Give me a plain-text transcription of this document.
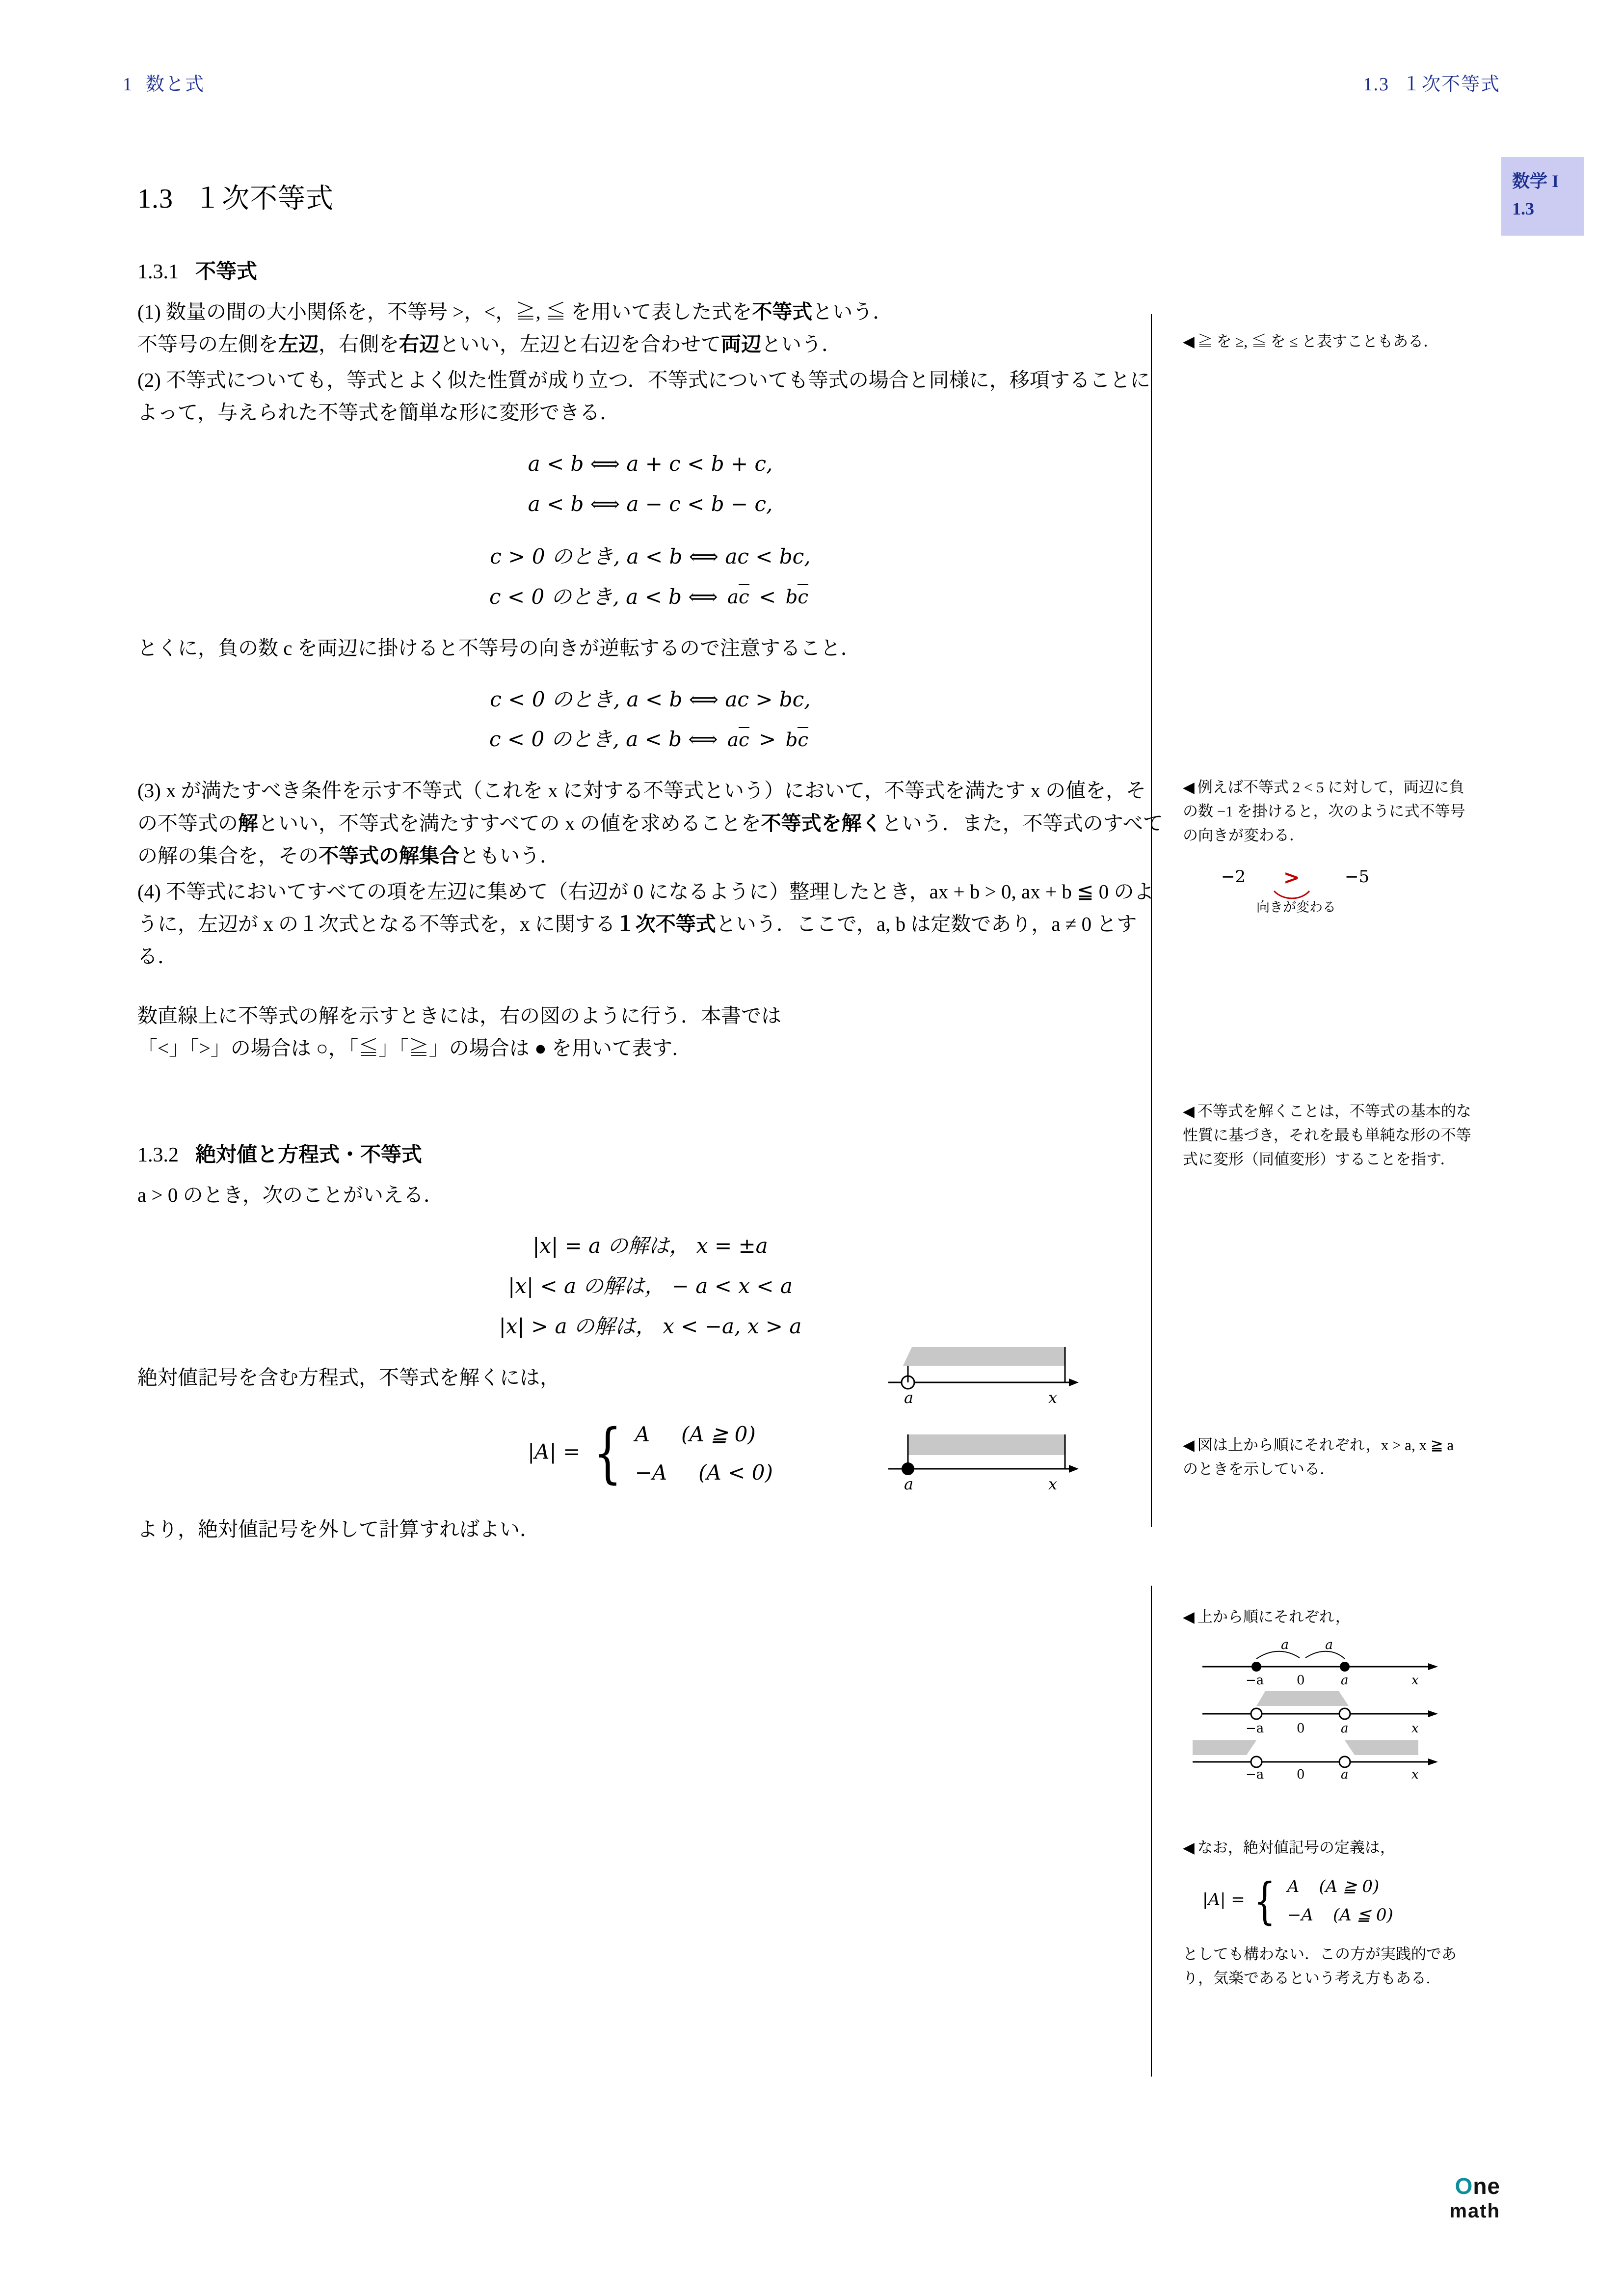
1 数と式	1.3 １次不等式
数学 I
1.3
1.3 １次不等式
1.3.1 不等式

(1) 数量の間の大小関係を，不等号 >，<，≧, ≦ を用いて表した式を不等式という．

不等号の左側を左辺，右側を右辺といい，左辺と右辺を合わせて両辺という．

(2) 不等式についても，等式とよく似た性質が成り立つ．不等式についても等式の場合と同様に，移項することによって，与えられた不等式を簡単な形に変形できる．

a < b ⟺ a + c < b + c,
a < b ⟺ a − c < b − c,
c > 0 のとき, a < b ⟺ ac < bc,
c < 0 のとき, a < b ⟺ ac < bc

とくに，負の数 c を両辺に掛けると不等号の向きが逆転するので注意すること．

c < 0 のとき, a < b ⟺ ac > bc,
c < 0 のとき, a < b ⟺ ac > bc

(3) x が満たすべき条件を示す不等式（これを x に対する不等式という）において，不等式を満たす x の値を，その不等式の解といい，不等式を満たすすべての x の値を求めることを不等式を解くという．また，不等式のすべての解の集合を，その不等式の解集合ともいう．

(4) 不等式においてすべての項を左辺に集めて（右辺が 0 になるように）整理したとき，ax + b > 0, ax + b ≦ 0 のように，左辺が x の１次式となる不等式を，x に関する１次不等式という．ここで，a, b は定数であり，a ≠ 0 とする．

数直線上に不等式の解を示すときには，右の図のように行う．本書では「<」「>」の場合は ○，「≦」「≧」の場合は ● を用いて表す.

1.3.2 絶対値と方程式・不等式

a > 0 のとき，次のことがいえる．

|x| = a の解は， x = ±a
|x| < a の解は， − a < x < a
|x| > a の解は， x < −a, x > a

絶対値記号を含む方程式，不等式を解くには，

|A| = { A (A ≧ 0)
−A (A < 0)

より，絶対値記号を外して計算すればよい．

a	x
a	x
◀ ≧ を ≥, ≦ を ≤ と表すこともある．
◀ 例えば不等式 2 < 5 に対して，両辺に負の数 −1 を掛けると，次のように式不等号の向きが変わる．
−2 >	−5
向きが変わる
◀ 不等式を解くことは，不等式の基本的な性質に基づき，それを最も単純な形の不等式に変形（同値変形）することを指す．
◀ 図は上から順にそれぞれ，x > a, x ≧ a のときを示している．
◀ 上から順にそれぞれ，
a	a
−a	0	a	x
−a	0	a	x
−a	0	a	x
◀ なお，絶対値記号の定義は，
|A| = { A (A ≧ 0)
−A (A ≦ 0)
としても構わない．この方が実践的であり，気楽であるという考え方もある.
One
math
